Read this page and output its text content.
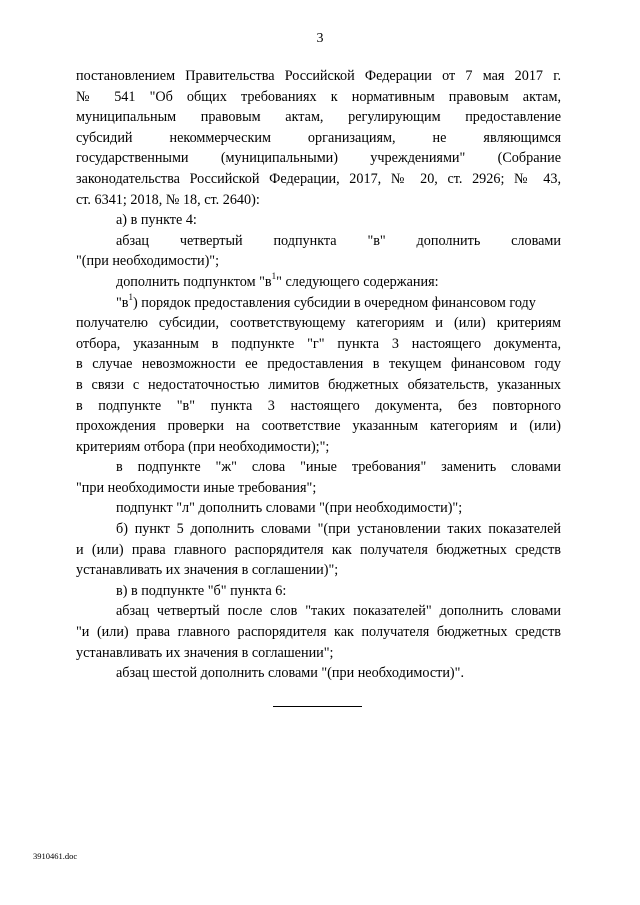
3
постановлением Правительства Российской Федерации от 7 мая 2017 г.
№ 541 "Об общих требованиях к нормативным правовым актам,
муниципальным правовым актам, регулирующим предоставление
субсидий некоммерческим организациям, не являющимся
государственными (муниципальными) учреждениями" (Собрание
законодательства Российской Федерации, 2017, № 20, ст. 2926; № 43,
ст. 6341; 2018, № 18, ст. 2640):
а) в пункте 4:
абзац четвертый подпункта "в" дополнить словами
"(при необходимости)";
дополнить подпунктом "$в^1$" следующего содержания:
"$в^1$) порядок предоставления субсидии в очередном финансовом году
получателю субсидии, соответствующему категориям и (или) критериям
отбора, указанным в подпункте "г" пункта 3 настоящего документа,
в случае невозможности ее предоставления в текущем финансовом году
в связи с недостаточностью лимитов бюджетных обязательств, указанных
в подпункте "в" пункта 3 настоящего документа, без повторного
прохождения проверки на соответствие указанным категориям и (или)
критериям отбора (при необходимости);";
в подпункте "ж" слова "иные требования" заменить словами
"при необходимости иные требования";
подпункт "л" дополнить словами "(при необходимости)";
б) пункт 5 дополнить словами "(при установлении таких показателей
и (или) права главного распорядителя как получателя бюджетных средств
устанавливать их значения в соглашении)";
в) в подпункте "б" пункта 6:
абзац четвертый после слов "таких показателей" дополнить словами
"и (или) права главного распорядителя как получателя бюджетных средств
устанавливать их значения в соглашении";
абзац шестой дополнить словами "(при необходимости)".
3910461.doc
